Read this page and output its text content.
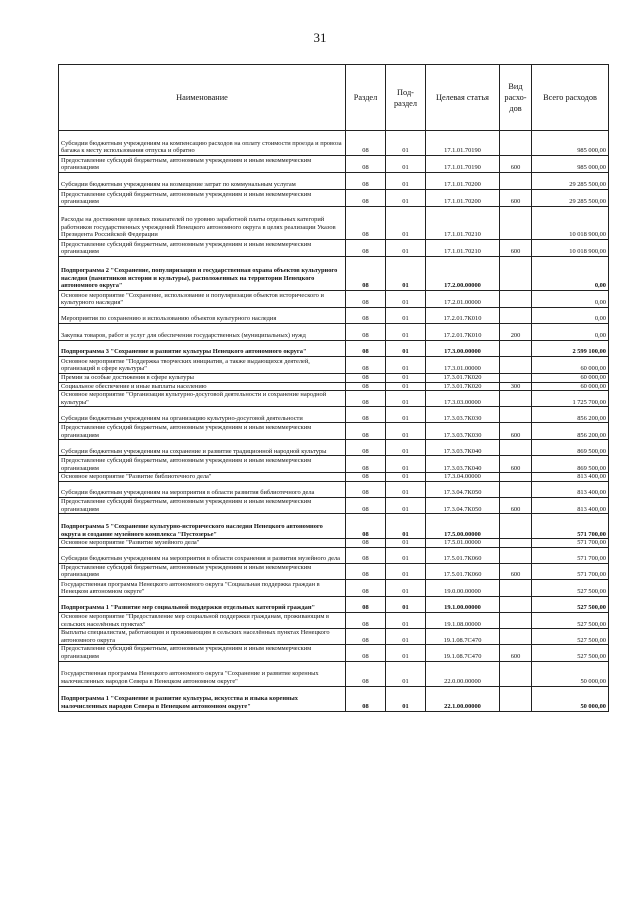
31
Наименование	Раздел	Под-раздел	Целевая статья	Вид расхо-дов	Всего расходов
Субсидии бюджетным учреждениям на компенсацию расходов на оплату стоимости проезда и провоза багажа к месту использования отпуска и обратно	08	01	17.1.01.70190		985 000,00
Предоставление субсидий бюджетным, автономным учреждениям и иным некоммерческим организациям	08	01	17.1.01.70190	600	985 000,00
Субсидии бюджетным учреждениям на возмещение затрат по коммунальным услугам	08	01	17.1.01.70200		29 285 500,00
Предоставление субсидий бюджетным, автономным учреждениям и иным некоммерческим организациям	08	01	17.1.01.70200	600	29 285 500,00
Расходы на достижение целевых показателей по уровню заработной платы отдельных категорий работников государственных учреждений Ненецкого автономного округа в целях реализации Указов Президента Российской Федерации	08	01	17.1.01.70210		10 018 900,00
Предоставление субсидий бюджетным, автономным учреждениям и иным некоммерческим организациям	08	01	17.1.01.70210	600	10 018 900,00
Подпрограмма 2 "Сохранение, популяризация и государственная охрана объектов культурного наследия (памятников истории и культуры), расположенных на территории Ненецкого автономного округа"	08	01	17.2.00.00000		0,00
Основное мероприятие "Сохранение, использование и популяризация объектов исторического и культурного наследия"	08	01	17.2.01.00000		0,00
Мероприятия по сохранению и использованию объектов культурного наследия	08	01	17.2.01.7К010		0,00
Закупка товаров, работ и услуг для обеспечения государственных (муниципальных) нужд	08	01	17.2.01.7К010	200	0,00
Подпрограмма 3 "Сохранение и развитие культуры Ненецкого автономного округа"	08	01	17.3.00.00000		2 599 100,00
Основное мероприятие "Поддержка творческих инициатив, а также выдающихся деятелей, организаций в сфере культуры"	08	01	17.3.01.00000		60 000,00
Премии за особые достижения в сфере культуры	08	01	17.3.01.7К020		60 000,00
Социальное обеспечение и иные выплаты населению	08	01	17.3.01.7К020	300	60 000,00
Основное мероприятие "Организация культурно-досуговой деятельности и сохранение народной культуры"	08	01	17.3.03.00000		1 725 700,00
Субсидии бюджетным учреждениям на организацию культурно-досуговой деятельности	08	01	17.3.03.7К030		856 200,00
Предоставление субсидий бюджетным, автономным учреждениям и иным некоммерческим организациям	08	01	17.3.03.7К030	600	856 200,00
Субсидии бюджетным учреждениям на сохранение и развитие традиционной народной культуры	08	01	17.3.03.7К040		869 500,00
Предоставление субсидий бюджетным, автономным учреждениям и иным некоммерческим организациям	08	01	17.3.03.7К040	600	869 500,00
Основное мероприятие "Развитие библиотечного дела"	08	01	17.3.04.00000		813 400,00
Субсидии бюджетным учреждениям на мероприятия в области развития библиотечного дела	08	01	17.3.04.7К050		813 400,00
Предоставление субсидий бюджетным, автономным учреждениям и иным некоммерческим организациям	08	01	17.3.04.7К050	600	813 400,00
Подпрограмма 5 "Сохранение культурно-исторического наследия Ненецкого автономного округа и создание музейного комплекса "Пустозерье"	08	01	17.5.00.00000		571 700,00
Основное мероприятие "Развитие музейного дела"	08	01	17.5.01.00000		571 700,00
Субсидии бюджетным учреждениям на мероприятия в области сохранения и развития музейного дела	08	01	17.5.01.7К060		571 700,00
Предоставление субсидий бюджетным, автономным учреждениям и иным некоммерческим организациям	08	01	17.5.01.7К060	600	571 700,00
Государственная программа Ненецкого автономного округа "Социальная поддержка граждан в Ненецком автономном округе"	08	01	19.0.00.00000		527 500,00
Подпрограмма 1 "Развитие мер социальной поддержки отдельных категорий граждан"	08	01	19.1.00.00000		527 500,00
Основное мероприятие "Предоставление мер социальной поддержки гражданам, проживающим в сельских населённых пунктах"	08	01	19.1.08.00000		527 500,00
Выплаты специалистам, работающим и проживающим в сельских населённых пунктах Ненецкого автономного округа	08	01	19.1.08.7С470		527 500,00
Предоставление субсидий бюджетным, автономным учреждениям и иным некоммерческим организациям	08	01	19.1.08.7С470	600	527 500,00
Государственная программа Ненецкого автономного округа "Сохранение и развитие коренных малочисленных народов Севера в Ненецком автономном округе"	08	01	22.0.00.00000		50 000,00
Подпрограмма 1 "Сохранение и развитие культуры, искусства и языка коренных малочисленных народов Севера в Ненецком автономном округе"	08	01	22.1.00.00000		50 000,00
